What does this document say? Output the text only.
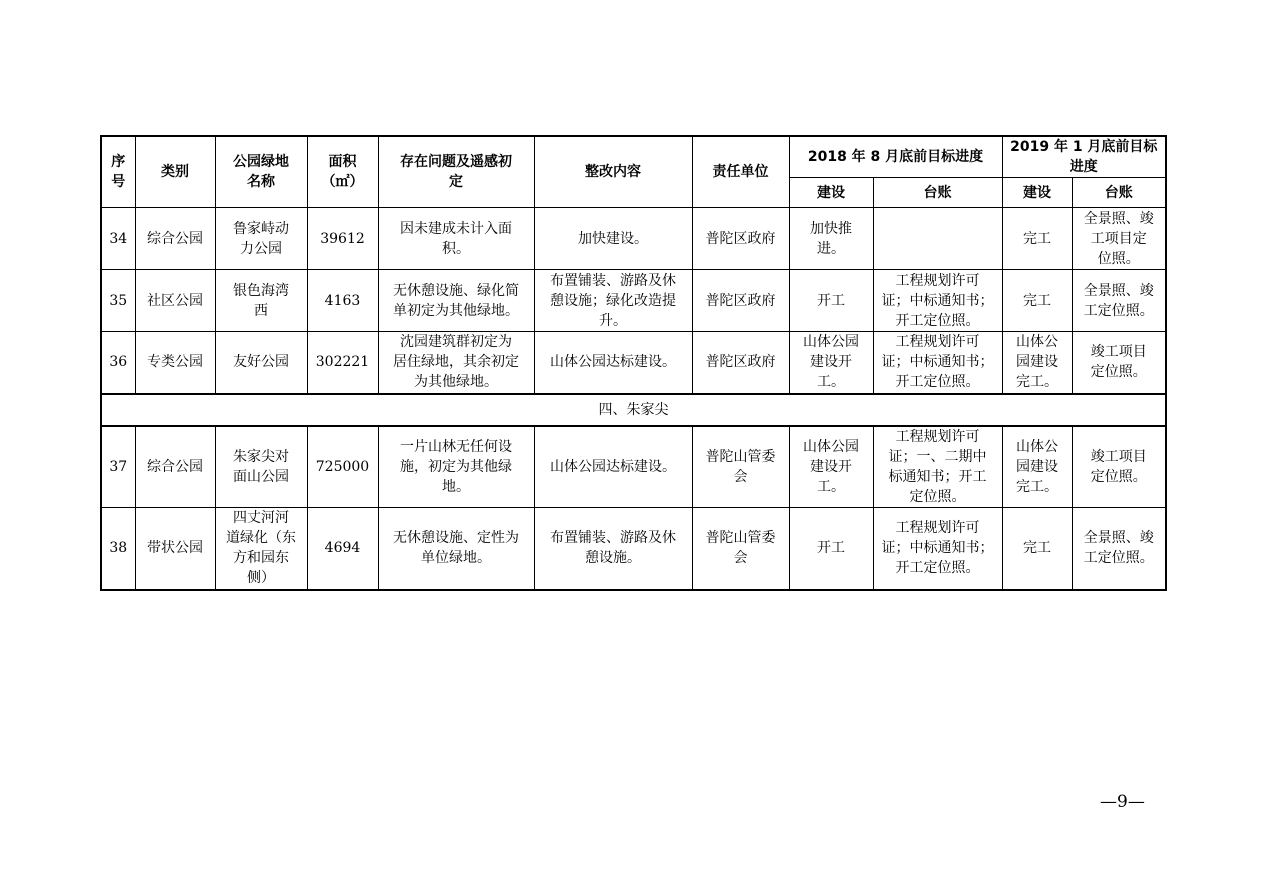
序
号	类别	公园绿地
名称	面积
（㎡）	存在问题及遥感初
定	整改内容	责任单位	2018 年 8 月底前目标进度		2019 年 1 月底前目标
进度	
							建设	台账	建设	台账
34	综合公园	鲁家峙动
力公园	39612	因未建成未计入面
积。	加快建设。	普陀区政府	加快推
进。		完工	全景照、竣
工项目定
位照。
35	社区公园	银色海湾
西	4163	无休憩设施、绿化简
单初定为其他绿地。	布置铺装、游路及休
憩设施；绿化改造提
升。	普陀区政府	开工	工程规划许可
证；中标通知书；
开工定位照。	完工	全景照、竣
工定位照。
36	专类公园	友好公园	302221	沈园建筑群初定为
居住绿地，其余初定
为其他绿地。	山体公园达标建设。	普陀区政府	山体公园
建设开
工。	工程规划许可
证；中标通知书；
开工定位照。	山体公
园建设
完工。	竣工项目
定位照。
四、朱家尖										
37	综合公园	朱家尖对
面山公园	725000	一片山林无任何设
施，初定为其他绿
地。	山体公园达标建设。	普陀山管委
会	山体公园
建设开
工。	工程规划许可
证；一、二期中
标通知书；开工
定位照。	山体公
园建设
完工。	竣工项目
定位照。
38	带状公园	四丈河河
道绿化（东
方和园东
侧）	4694	无休憩设施、定性为
单位绿地。	布置铺装、游路及休
憩设施。	普陀山管委
会	开工	工程规划许可
证；中标通知书；
开工定位照。	完工	全景照、竣
工定位照。
—9—
